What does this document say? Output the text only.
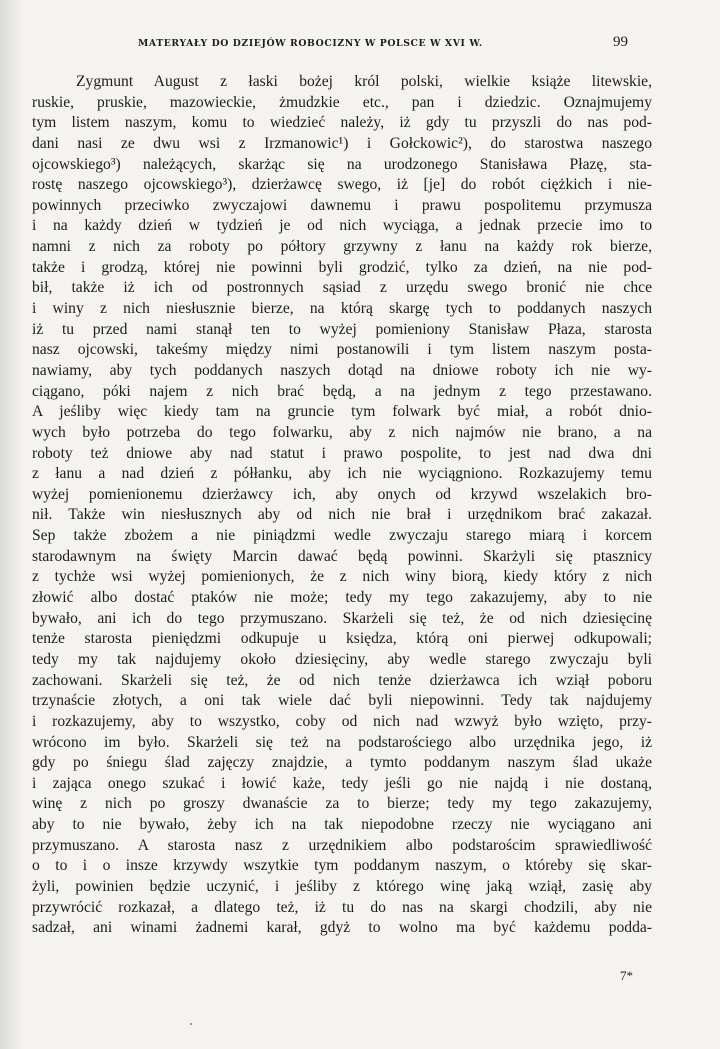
MATERYAŁY DO DZIEJÓW ROBOCIZNY W POLSCE W XVI W.	99
Zygmunt August z łaski bożej król polski, wielkie książe litewskie,
ruskie, pruskie, mazowieckie, żmudzkie etc., pan i dziedzic. Oznajmujemy
tym listem naszym, komu to wiedzieć należy, iż gdy tu przyszli do nas pod-
dani nasi ze dwu wsi z Irzmanowic¹) i Gołckowic²), do starostwa naszego
ojcowskiego³) należących, skarżąc się na urodzonego Stanisława Płazę, sta-
rostę naszego ojcowskiego³), dzierżawcę swego, iż [je] do robót ciężkich i nie-
powinnych przeciwko zwyczajowi dawnemu i prawu pospolitemu przymusza
i na każdy dzień w tydzień je od nich wyciąga, a jednak przecie imo to
namni z nich za roboty po półtory grzywny z łanu na każdy rok bierze,
także i grodzą, której nie powinni byli grodzić, tylko za dzień, na nie pod-
bił, także iż ich od postronnych sąsiad z urzędu swego bronić nie chce
i winy z nich niesłusznie bierze, na którą skargę tych to poddanych naszych
iż tu przed nami stanął ten to wyżej pomieniony Stanisław Płaza, starosta
nasz ojcowski, takeśmy między nimi postanowili i tym listem naszym posta-
nawiamy, aby tych poddanych naszych dotąd na dniowe roboty ich nie wy-
ciągano, póki najem z nich brać będą, a na jednym z tego przestawano.
A jeśliby więc kiedy tam na gruncie tym folwark być miał, a robót dnio-
wych było potrzeba do tego folwarku, aby z nich najmów nie brano, a na
roboty też dniowe aby nad statut i prawo pospolite, to jest nad dwa dni
z łanu a nad dzień z półłanku, aby ich nie wyciągniono. Rozkazujemy temu
wyżej pomienionemu dzierżawcy ich, aby onych od krzywd wszelakich bro-
nił. Także win niesłusznych aby od nich nie brał i urzędnikom brać zakazał.
Sep także zbożem a nie piniądzmi wedle zwyczaju starego miarą i korcem
starodawnym na święty Marcin dawać będą powinni. Skarżyli się ptasznicy
z tychże wsi wyżej pomienionych, że z nich winy biorą, kiedy który z nich
złowić albo dostać ptaków nie może; tedy my tego zakazujemy, aby to nie
bywało, ani ich do tego przymuszano. Skarżeli się też, że od nich dziesięcinę
tenże starosta pieniędzmi odkupuje u księdza, którą oni pierwej odkupowali;
tedy my tak najdujemy około dziesięciny, aby wedle starego zwyczaju byli
zachowani. Skarżeli się też, że od nich tenże dzierżawca ich wziął poboru
trzynaście złotych, a oni tak wiele dać byli niepowinni. Tedy tak najdujemy
i rozkazujemy, aby to wszystko, coby od nich nad wzwyż było wzięto, przy-
wrócono im było. Skarżeli się też na podstarościego albo urzędnika jego, iż
gdy po śniegu ślad zajęczy znajdzie, a tymto poddanym naszym ślad ukaże
i zająca onego szukać i łowić każe, tedy jeśli go nie najdą i nie dostaną,
winę z nich po groszy dwanaście za to bierze; tedy my tego zakazujemy,
aby to nie bywało, żeby ich na tak niepodobne rzeczy nie wyciągano ani
przymuszano. A starosta nasz z urzędnikiem albo podstarościm sprawiedliwość
o to i o insze krzywdy wszytkie tym poddanym naszym, o któreby się skar-
żyli, powinien będzie uczynić, i jeśliby z którego winę jaką wziął, zasię aby
przywrócić rozkazał, a dlatego też, iż tu do nas na skargi chodzili, aby nie
sadzał, ani winami żadnemi karał, gdyż to wolno ma być każdemu podda-
7*
